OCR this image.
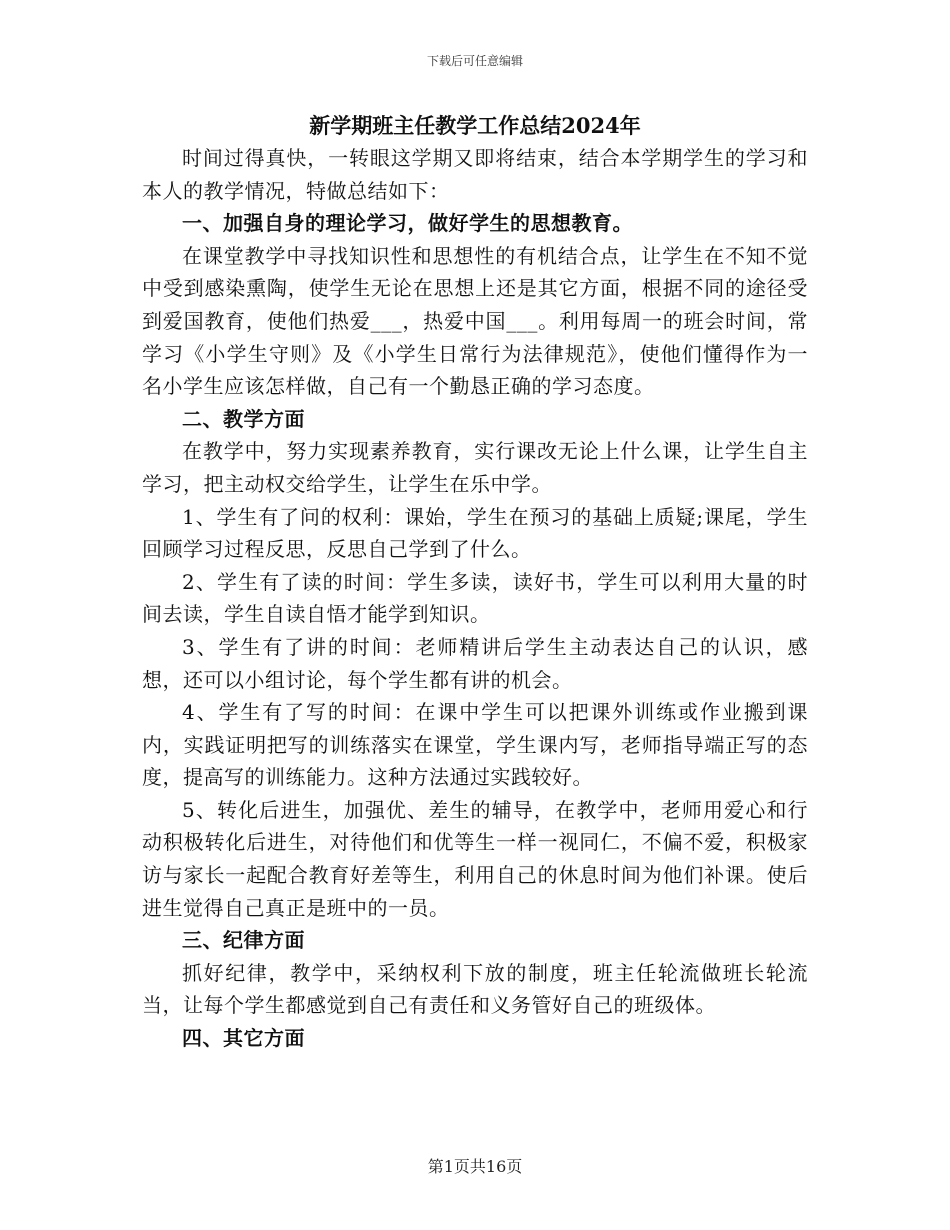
下载后可任意编辑
新学期班主任教学工作总结2024年

时间过得真快，一转眼这学期又即将结束，结合本学期学生的学习和本人的教学情况，特做总结如下：

一、加强自身的理论学习，做好学生的思想教育。

在课堂教学中寻找知识性和思想性的有机结合点，让学生在不知不觉中受到感染熏陶，使学生无论在思想上还是其它方面，根据不同的途径受到爱国教育，使他们热爱___，热爱中国___。利用每周一的班会时间，常学习《小学生守则》及《小学生日常行为法律规范》，使他们懂得作为一名小学生应该怎样做，自己有一个勤恳正确的学习态度。

二、教学方面

在教学中，努力实现素养教育，实行课改无论上什么课，让学生自主学习，把主动权交给学生，让学生在乐中学。

1、学生有了问的权利：课始，学生在预习的基础上质疑;课尾，学生回顾学习过程反思，反思自己学到了什么。

2、学生有了读的时间：学生多读，读好书，学生可以利用大量的时间去读，学生自读自悟才能学到知识。

3、学生有了讲的时间：老师精讲后学生主动表达自己的认识，感想，还可以小组讨论，每个学生都有讲的机会。

4、学生有了写的时间：在课中学生可以把课外训练或作业搬到课内，实践证明把写的训练落实在课堂，学生课内写，老师指导端正写的态度，提高写的训练能力。这种方法通过实践较好。

5、转化后进生，加强优、差生的辅导，在教学中，老师用爱心和行动积极转化后进生，对待他们和优等生一样一视同仁，不偏不爱，积极家访与家长一起配合教育好差等生，利用自己的休息时间为他们补课。使后进生觉得自己真正是班中的一员。

三、纪律方面

抓好纪律，教学中，采纳权利下放的制度，班主任轮流做班长轮流当，让每个学生都感觉到自己有责任和义务管好自己的班级体。

四、其它方面

第1页共16页
